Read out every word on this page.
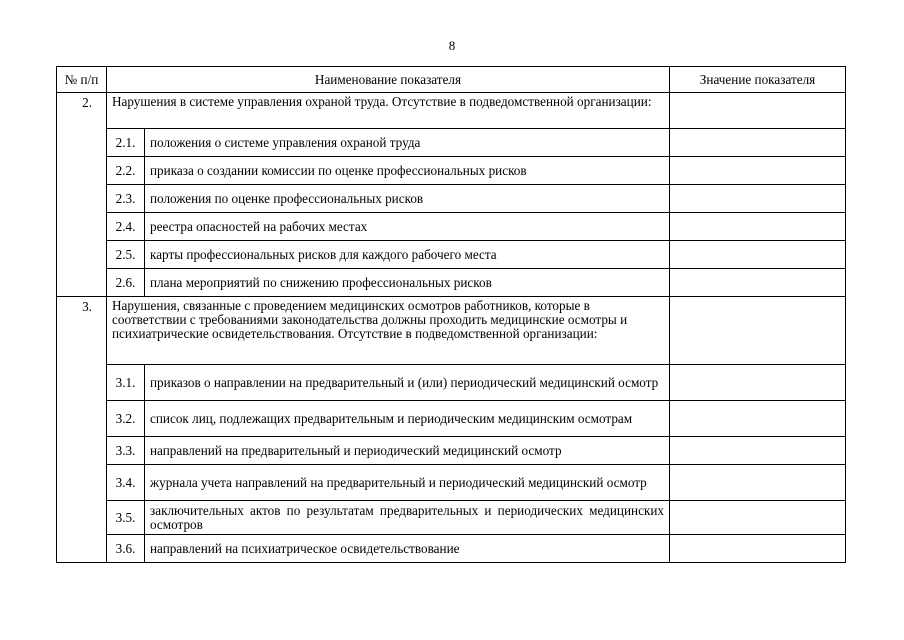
8
№ п/п	Наименование показателя		Значение показателя
2.	Нарушения в системе управления охраной труда. Отсутствие в подведомственной организации:		
	2.1.	положения о системе управления охраной труда	
	2.2.	приказа о создании комиссии по оценке профессиональных рисков	
	2.3.	положения по оценке профессиональных рисков	
	2.4.	реестра опасностей на рабочих местах	
	2.5.	карты профессиональных рисков для каждого рабочего места	
	2.6.	плана мероприятий по снижению профессиональных рисков	
3.	Нарушения, связанные с проведением медицинских осмотров работников, которые в соответствии с требованиями законодательства должны проходить медицинские осмотры и психиатрические освидетельствования. Отсутствие в подведомственной организации:		
	3.1.	приказов о направлении на предварительный и (или) периодический медицинский осмотр	
	3.2.	список лиц, подлежащих предварительным и периодическим медицинским осмотрам	
	3.3.	направлений на предварительный и периодический медицинский осмотр	
	3.4.	журнала учета направлений на предварительный и периодический медицинский осмотр	
	3.5.	заключительных актов по результатам предварительных и периодических медицинских осмотров	
	3.6.	направлений на психиатрическое освидетельствование	
